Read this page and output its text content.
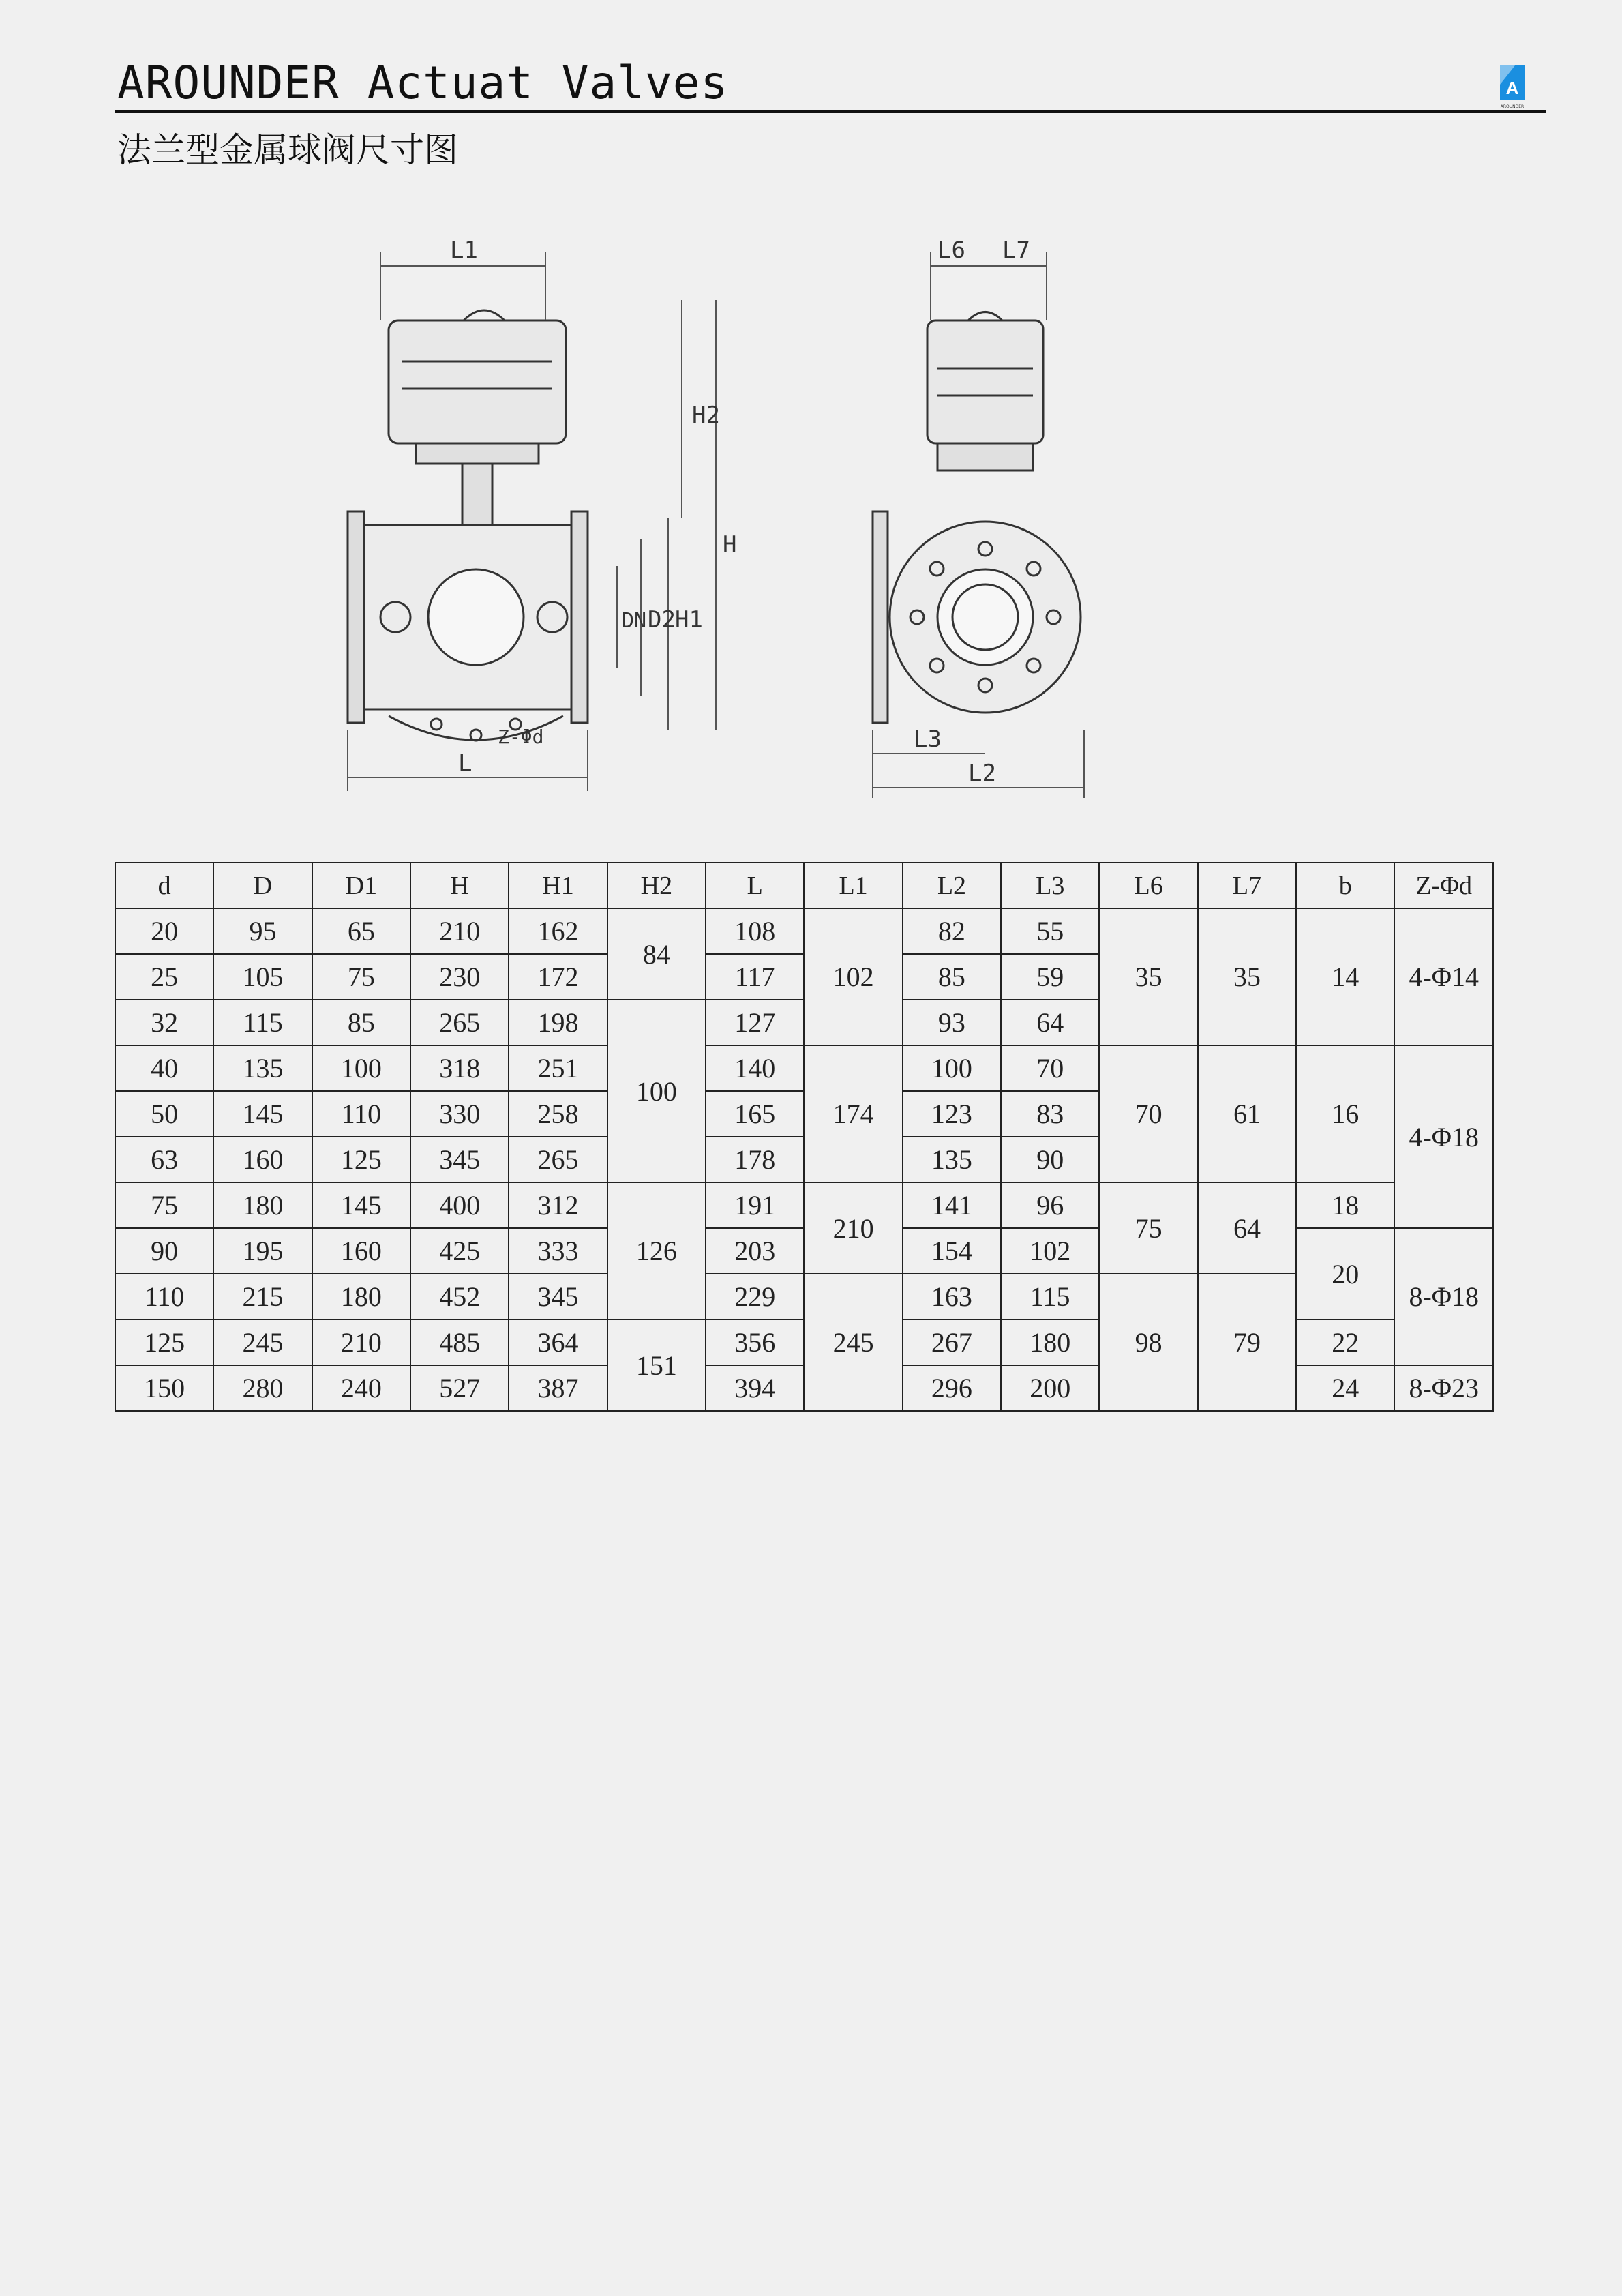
AROUNDER Actuat Valves	A
AROUNDER
法兰型金属球阀尺寸图
L1
H2
H
H1
D2
DN
Z-Φd
L
L6 L7
L3
L2
d	D	D1	H	H1	H2	L	L1	L2	L3	L6	L7	b	Z-Φd
20	95	65	210	162	84	108	102	82	55	35	35	14	4-Φ14
25	105	75	230	172		117		85	59				
32	115	85	265	198	100	127		93	64				
40	135	100	318	251		140	174	100	70	70	61	16	4-Φ18
50	145	110	330	258		165		123	83				
63	160	125	345	265		178		135	90				
75	180	145	400	312	126	191	210	141	96	75	64	18	
90	195	160	425	333		203		154	102			20	8-Φ18
110	215	180	452	345		229	245	163	115	98	79		
125	245	210	485	364	151	356		267	180			22	
150	280	240	527	387		394		296	200			24	8-Φ23
